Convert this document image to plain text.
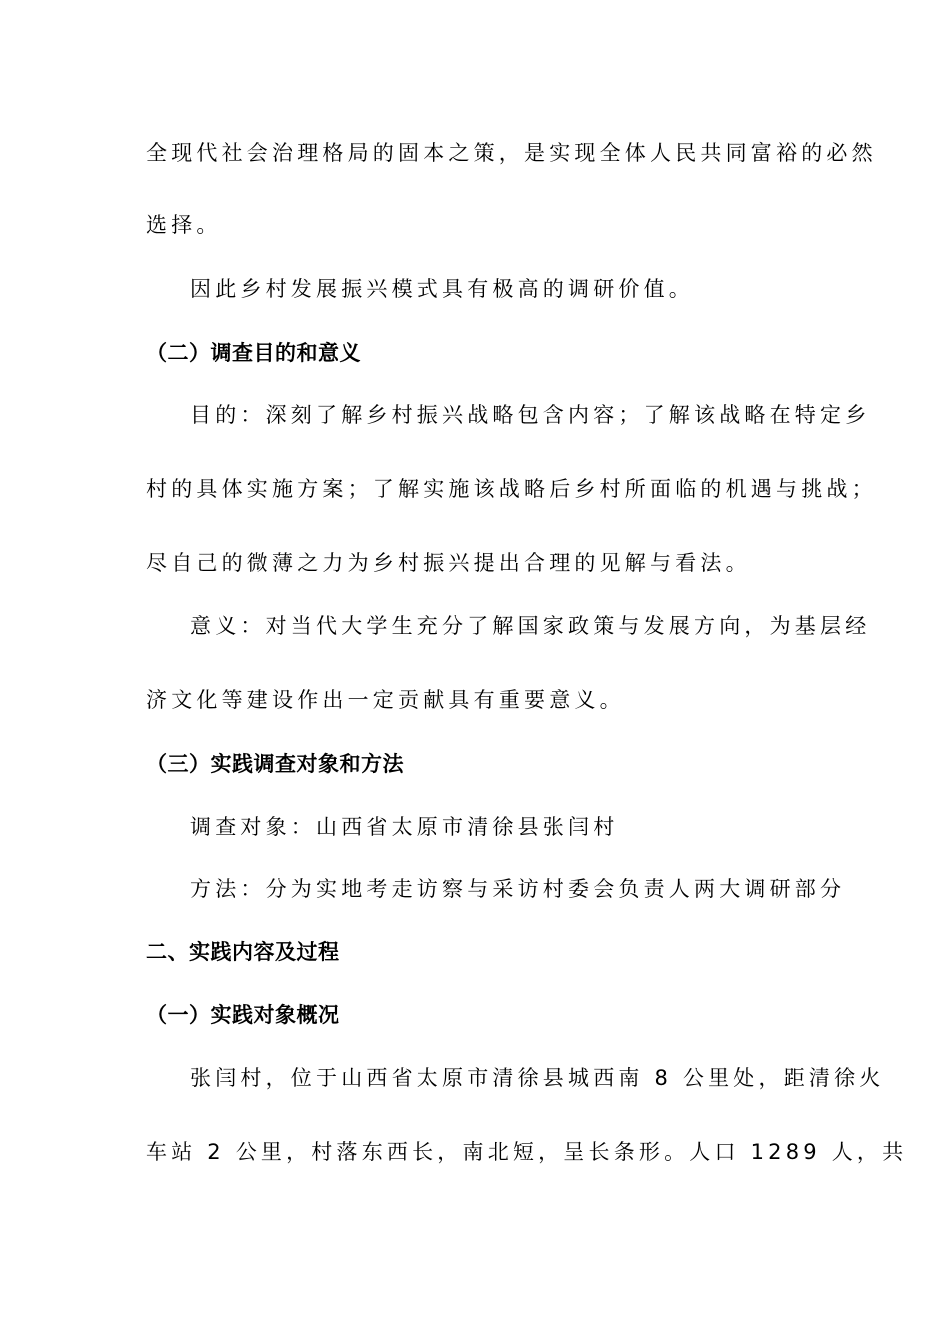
全现代社会治理格局的固本之策，是实现全体人民共同富裕的必然
选择。
因此乡村发展振兴模式具有极高的调研价值。
（二）调查目的和意义
目的：深刻了解乡村振兴战略包含内容；了解该战略在特定乡
村的具体实施方案；了解实施该战略后乡村所面临的机遇与挑战；
尽自己的微薄之力为乡村振兴提出合理的见解与看法。
意义：对当代大学生充分了解国家政策与发展方向，为基层经
济文化等建设作出一定贡献具有重要意义。
（三）实践调查对象和方法
调查对象：山西省太原市清徐县张闫村
方法：分为实地考走访察与采访村委会负责人两大调研部分
二、实践内容及过程
（一）实践对象概况
张闫村，位于山西省太原市清徐县城西南 8 公里处，距清徐火
车站 2 公里，村落东西长，南北短，呈长条形。人口 1289 人，共
